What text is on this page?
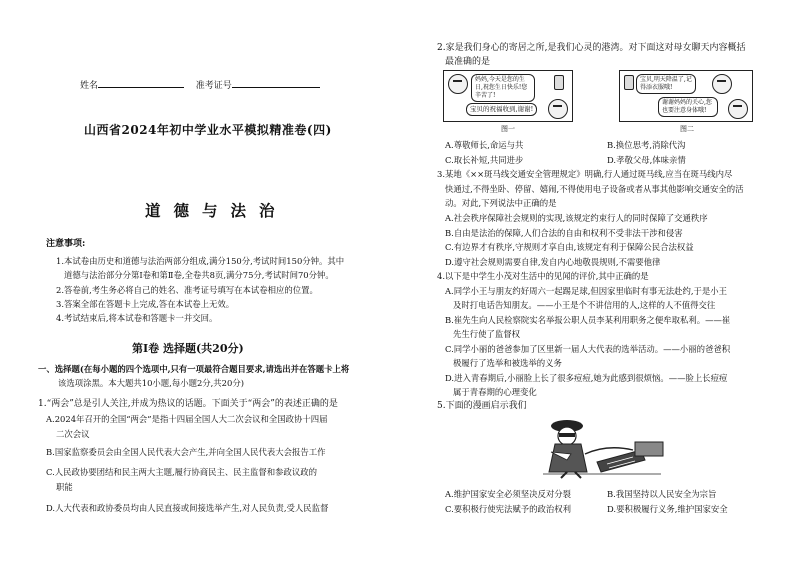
姓名	准考证号
山西省2024年初中学业水平模拟精准卷(四)
道德与法治
注意事项:
1.本试卷由历史和道德与法治两部分组成,满分150分,考试时间150分钟。其中
道德与法治部分分第Ⅰ卷和第Ⅱ卷,全卷共8页,满分75分,考试时间70分钟。
2.答卷前,考生务必将自己的姓名、准考证号填写在本试卷相应的位置。
3.答案全部在答题卡上完成,答在本试卷上无效。
4.考试结束后,将本试卷和答题卡一并交回。
第Ⅰ卷 选择题(共20分)
一、选择题(在每小题的四个选项中,只有一项最符合题目要求,请选出并在答题卡上将
该选项涂黑。本大题共10小题,每小题2分,共20分)
1.“两会”总是引人关注,并成为热议的话题。下面关于“两会”的表述正确的是
A.2024年召开的全国“两会”是指十四届全国人大二次会议和全国政协十四届
二次会议
B.国家监察委员会由全国人民代表大会产生,并向全国人民代表大会报告工作
C.人民政协要团结和民主两大主题,履行协商民主、民主监督和参政议政的
职能
D.人大代表和政协委员均由人民直接或间接选举产生,对人民负责,受人民监督
2.家是我们身心的寄居之所,是我们心灵的港湾。对下面这对母女聊天内容概括
最准确的是
妈妈,今天是您的生日,祝您生日快乐!您辛苦了!
宝贝的祝福收到,谢谢!
图一
宝贝,明天降温了,记得添衣服哦!
谢谢妈妈的关心,您也要注意身体哦!
图二
A.尊敬师长,命运与共	B.换位思考,消除代沟
C.取长补短,共同进步	D.孝敬父母,体味亲情
3.某地《××斑马线交通安全管理规定》明确,行人通过斑马线,应当在斑马线内尽
快通过,不得坐卧、停留、嬉闹,不得使用电子设备或者从事其他影响交通安全的活
动。对此,下列说法中正确的是
A.社会秩序保障社会规则的实现,该规定约束行人的同时保障了交通秩序
B.自由是法治的保障,人们合法的自由和权利不受非法干涉和侵害
C.有边界才有秩序,守规则才享自由,该规定有利于保障公民合法权益
D.遵守社会规则需要自律,发自内心地敬畏规则,不需要他律
4.以下是中学生小茂对生活中的见闻的评价,其中正确的是
A.同学小王与朋友约好周六一起踢足球,但因家里临时有事无法赴约,于是小王
及时打电话告知朋友。——小王是个不讲信用的人,这样的人不值得交往
B.崔先生向人民检察院实名举报公职人员李某利用职务之便牟取私利。——崔
先生行使了监督权
C.同学小丽的爸爸参加了区里新一届人大代表的选举活动。——小丽的爸爸积
极履行了选举和被选举的义务
D.进入青春期后,小丽脸上长了很多痘痘,她为此感到很烦恼。——脸上长痘痘
属于青春期的心理变化
5.下面的漫画启示我们
A.维护国家安全必须坚决反对分裂	B.我国坚持以人民安全为宗旨
C.要积极行使宪法赋予的政治权利	D.要积极履行义务,维护国家安全
